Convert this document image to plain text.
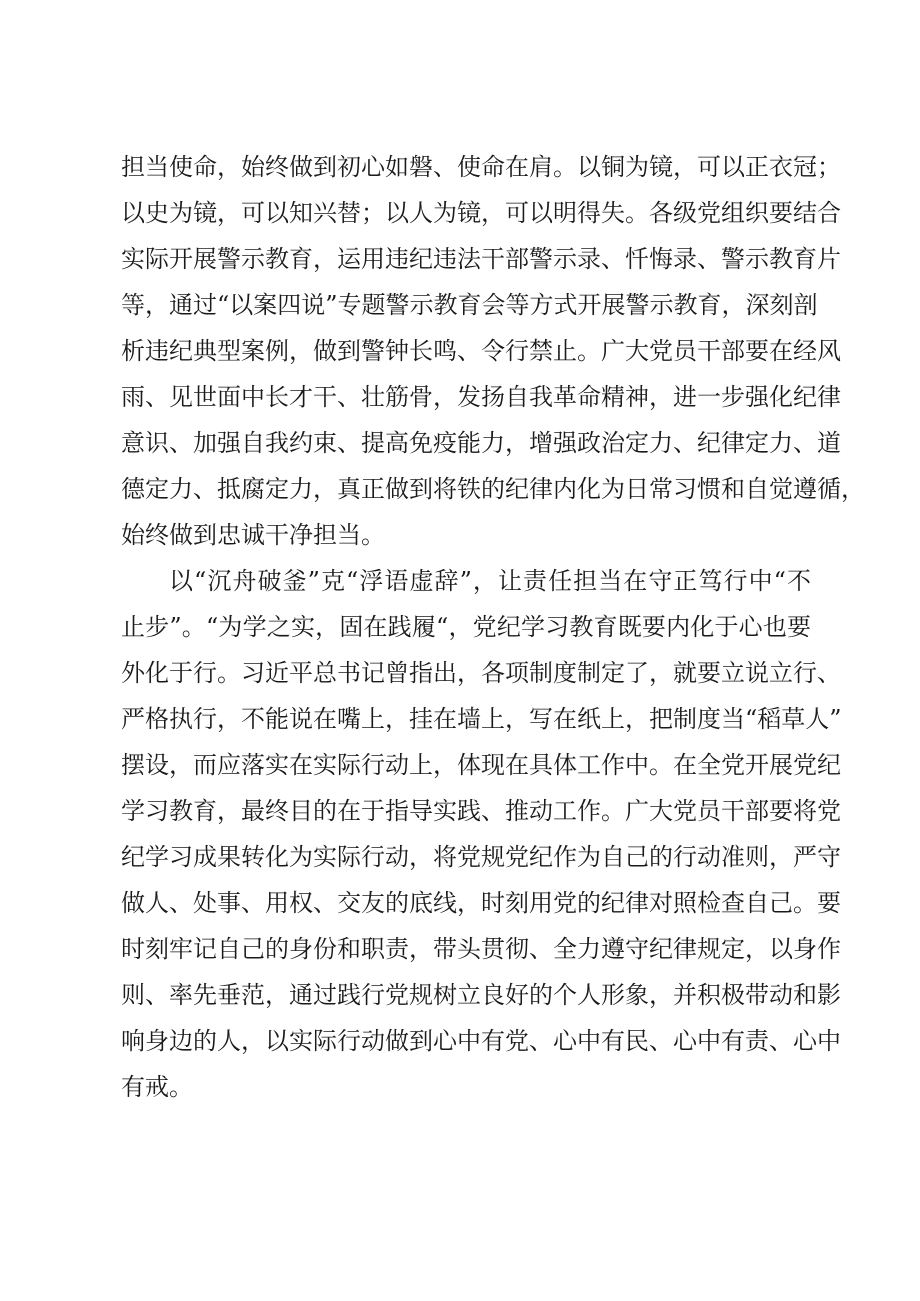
担当使命，始终做到初心如磐、使命在肩。以铜为镜，可以正衣冠；
以史为镜，可以知兴替；以人为镜，可以明得失。各级党组织要结合
实际开展警示教育，运用违纪违法干部警示录、忏悔录、警示教育片
等，通过“以案四说”专题警示教育会等方式开展警示教育，深刻剖
析违纪典型案例，做到警钟长鸣、令行禁止。广大党员干部要在经风
雨、见世面中长才干、壮筋骨，发扬自我革命精神，进一步强化纪律
意识、加强自我约束、提高免疫能力，增强政治定力、纪律定力、道
德定力、抵腐定力，真正做到将铁的纪律内化为日常习惯和自觉遵循，
始终做到忠诚干净担当。
以“沉舟破釜”克“浮语虚辞”，让责任担当在守正笃行中“不
止步”。“为学之实，固在践履“，党纪学习教育既要内化于心也要
外化于行。习近平总书记曾指出，各项制度制定了，就要立说立行、
严格执行，不能说在嘴上，挂在墙上，写在纸上，把制度当“稻草人”
摆设，而应落实在实际行动上，体现在具体工作中。在全党开展党纪
学习教育，最终目的在于指导实践、推动工作。广大党员干部要将党
纪学习成果转化为实际行动，将党规党纪作为自己的行动准则，严守
做人、处事、用权、交友的底线，时刻用党的纪律对照检查自己。要
时刻牢记自己的身份和职责，带头贯彻、全力遵守纪律规定，以身作
则、率先垂范，通过践行党规树立良好的个人形象，并积极带动和影
响身边的人，以实际行动做到心中有党、心中有民、心中有责、心中
有戒。
